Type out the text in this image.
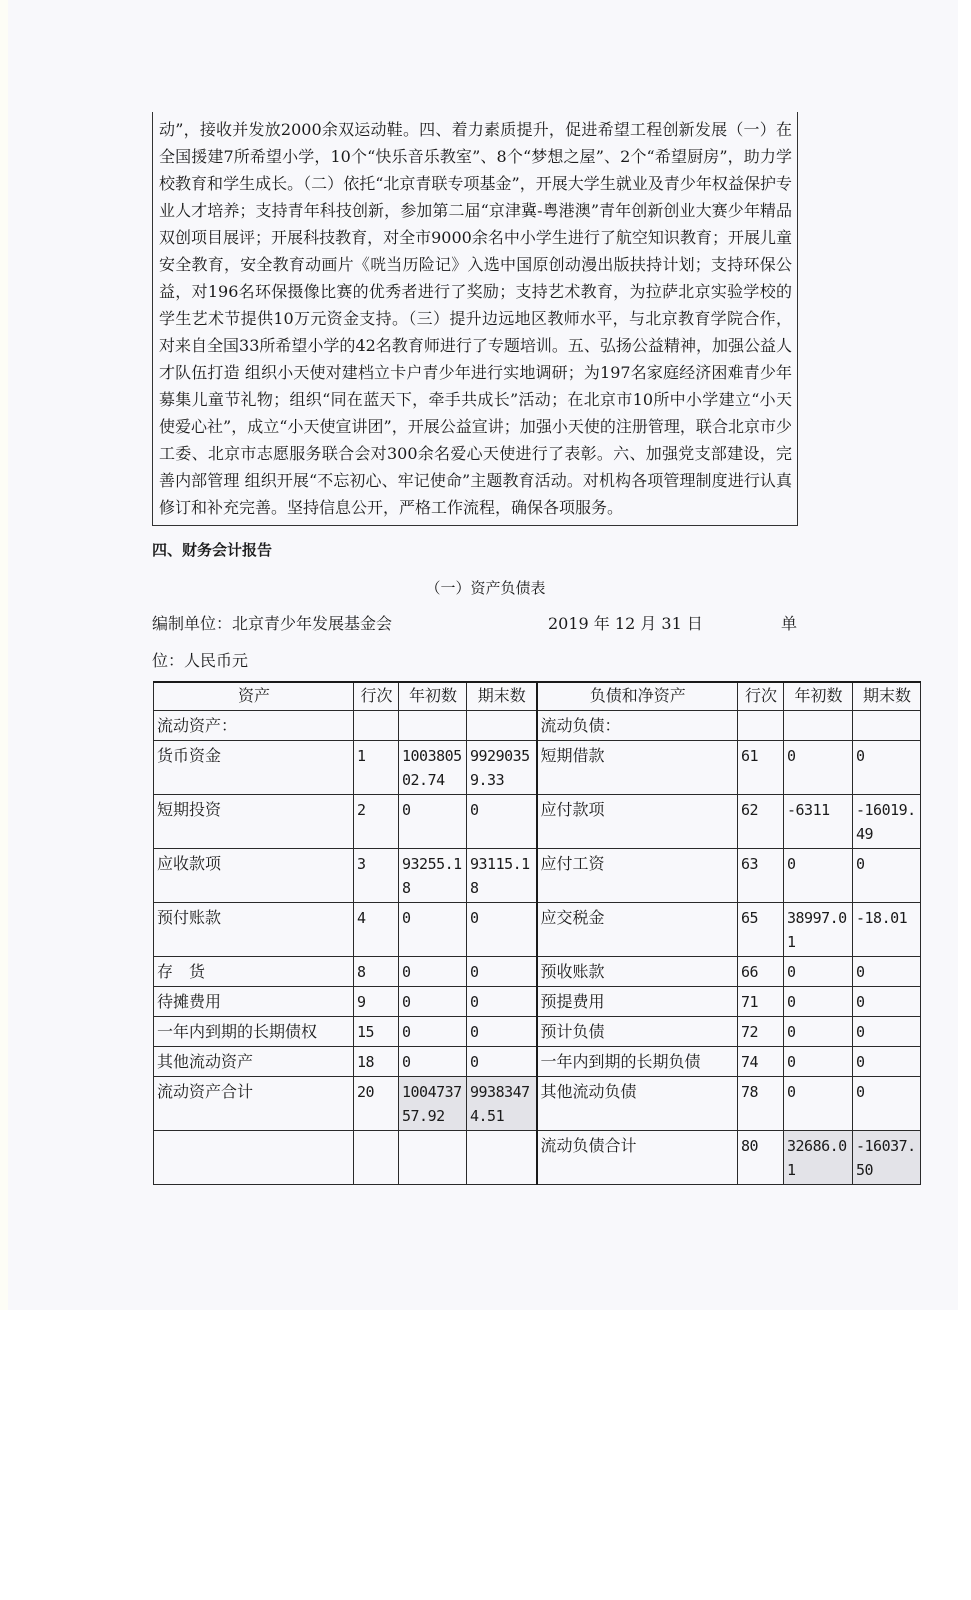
动”，接收并发放2000余双运动鞋。四、着力素质提升，促进希望工程创新发展（一）在全国援建7所希望小学，10个“快乐音乐教室”、8个“梦想之屋”、2个“希望厨房”，助力学校教育和学生成长。（二）依托“北京青联专项基金”，开展大学生就业及青少年权益保护专业人才培养；支持青年科技创新，参加第二届“京津冀-粤港澳”青年创新创业大赛少年精品双创项目展评；开展科技教育，对全市9000余名中小学生进行了航空知识教育；开展儿童安全教育，安全教育动画片《咣当历险记》入选中国原创动漫出版扶持计划；支持环保公益，对196名环保摄像比赛的优秀者进行了奖励；支持艺术教育，为拉萨北京实验学校的学生艺术节提供10万元资金支持。（三）提升边远地区教师水平，与北京教育学院合作，对来自全国33所希望小学的42名教育师进行了专题培训。五、弘扬公益精神，加强公益人才队伍打造 组织小天使对建档立卡户青少年进行实地调研；为197名家庭经济困难青少年募集儿童节礼物；组织“同在蓝天下，牵手共成长”活动；在北京市10所中小学建立“小天使爱心社”，成立“小天使宣讲团”，开展公益宣讲；加强小天使的注册管理，联合北京市少工委、北京市志愿服务联合会对300余名爱心天使进行了表彰。六、加强党支部建设，完善内部管理 组织开展“不忘初心、牢记使命”主题教育活动。对机构各项管理制度进行认真修订和补充完善。坚持信息公开，严格工作流程，确保各项服务。

四、财务会计报告
（一）资产负债表
编制单位：北京青少年发展基金会	2019 年 12 月 31 日	单
位：人民币元
资产	行次	年初数	期末数	负债和净资产	行次	年初数	期末数
流动资产：				流动负债：			
货币资金	1	100380502.74	99290359.33	短期借款	61	0	0
短期投资	2	0	0	应付款项	62	-6311	-16019.49
应收款项	3	93255.18	93115.18	应付工资	63	0	0
预付账款	4	0	0	应交税金	65	38997.01	-18.01
存　货	8	0	0	预收账款	66	0	0
待摊费用	9	0	0	预提费用	71	0	0
一年内到期的长期债权	15	0	0	预计负债	72	0	0
其他流动资产	18	0	0	一年内到期的长期负债	74	0	0
流动资产合计	20	100473757.92	99383474.51	其他流动负债	78	0	0
				流动负债合计	80	32686.01	-16037.50
